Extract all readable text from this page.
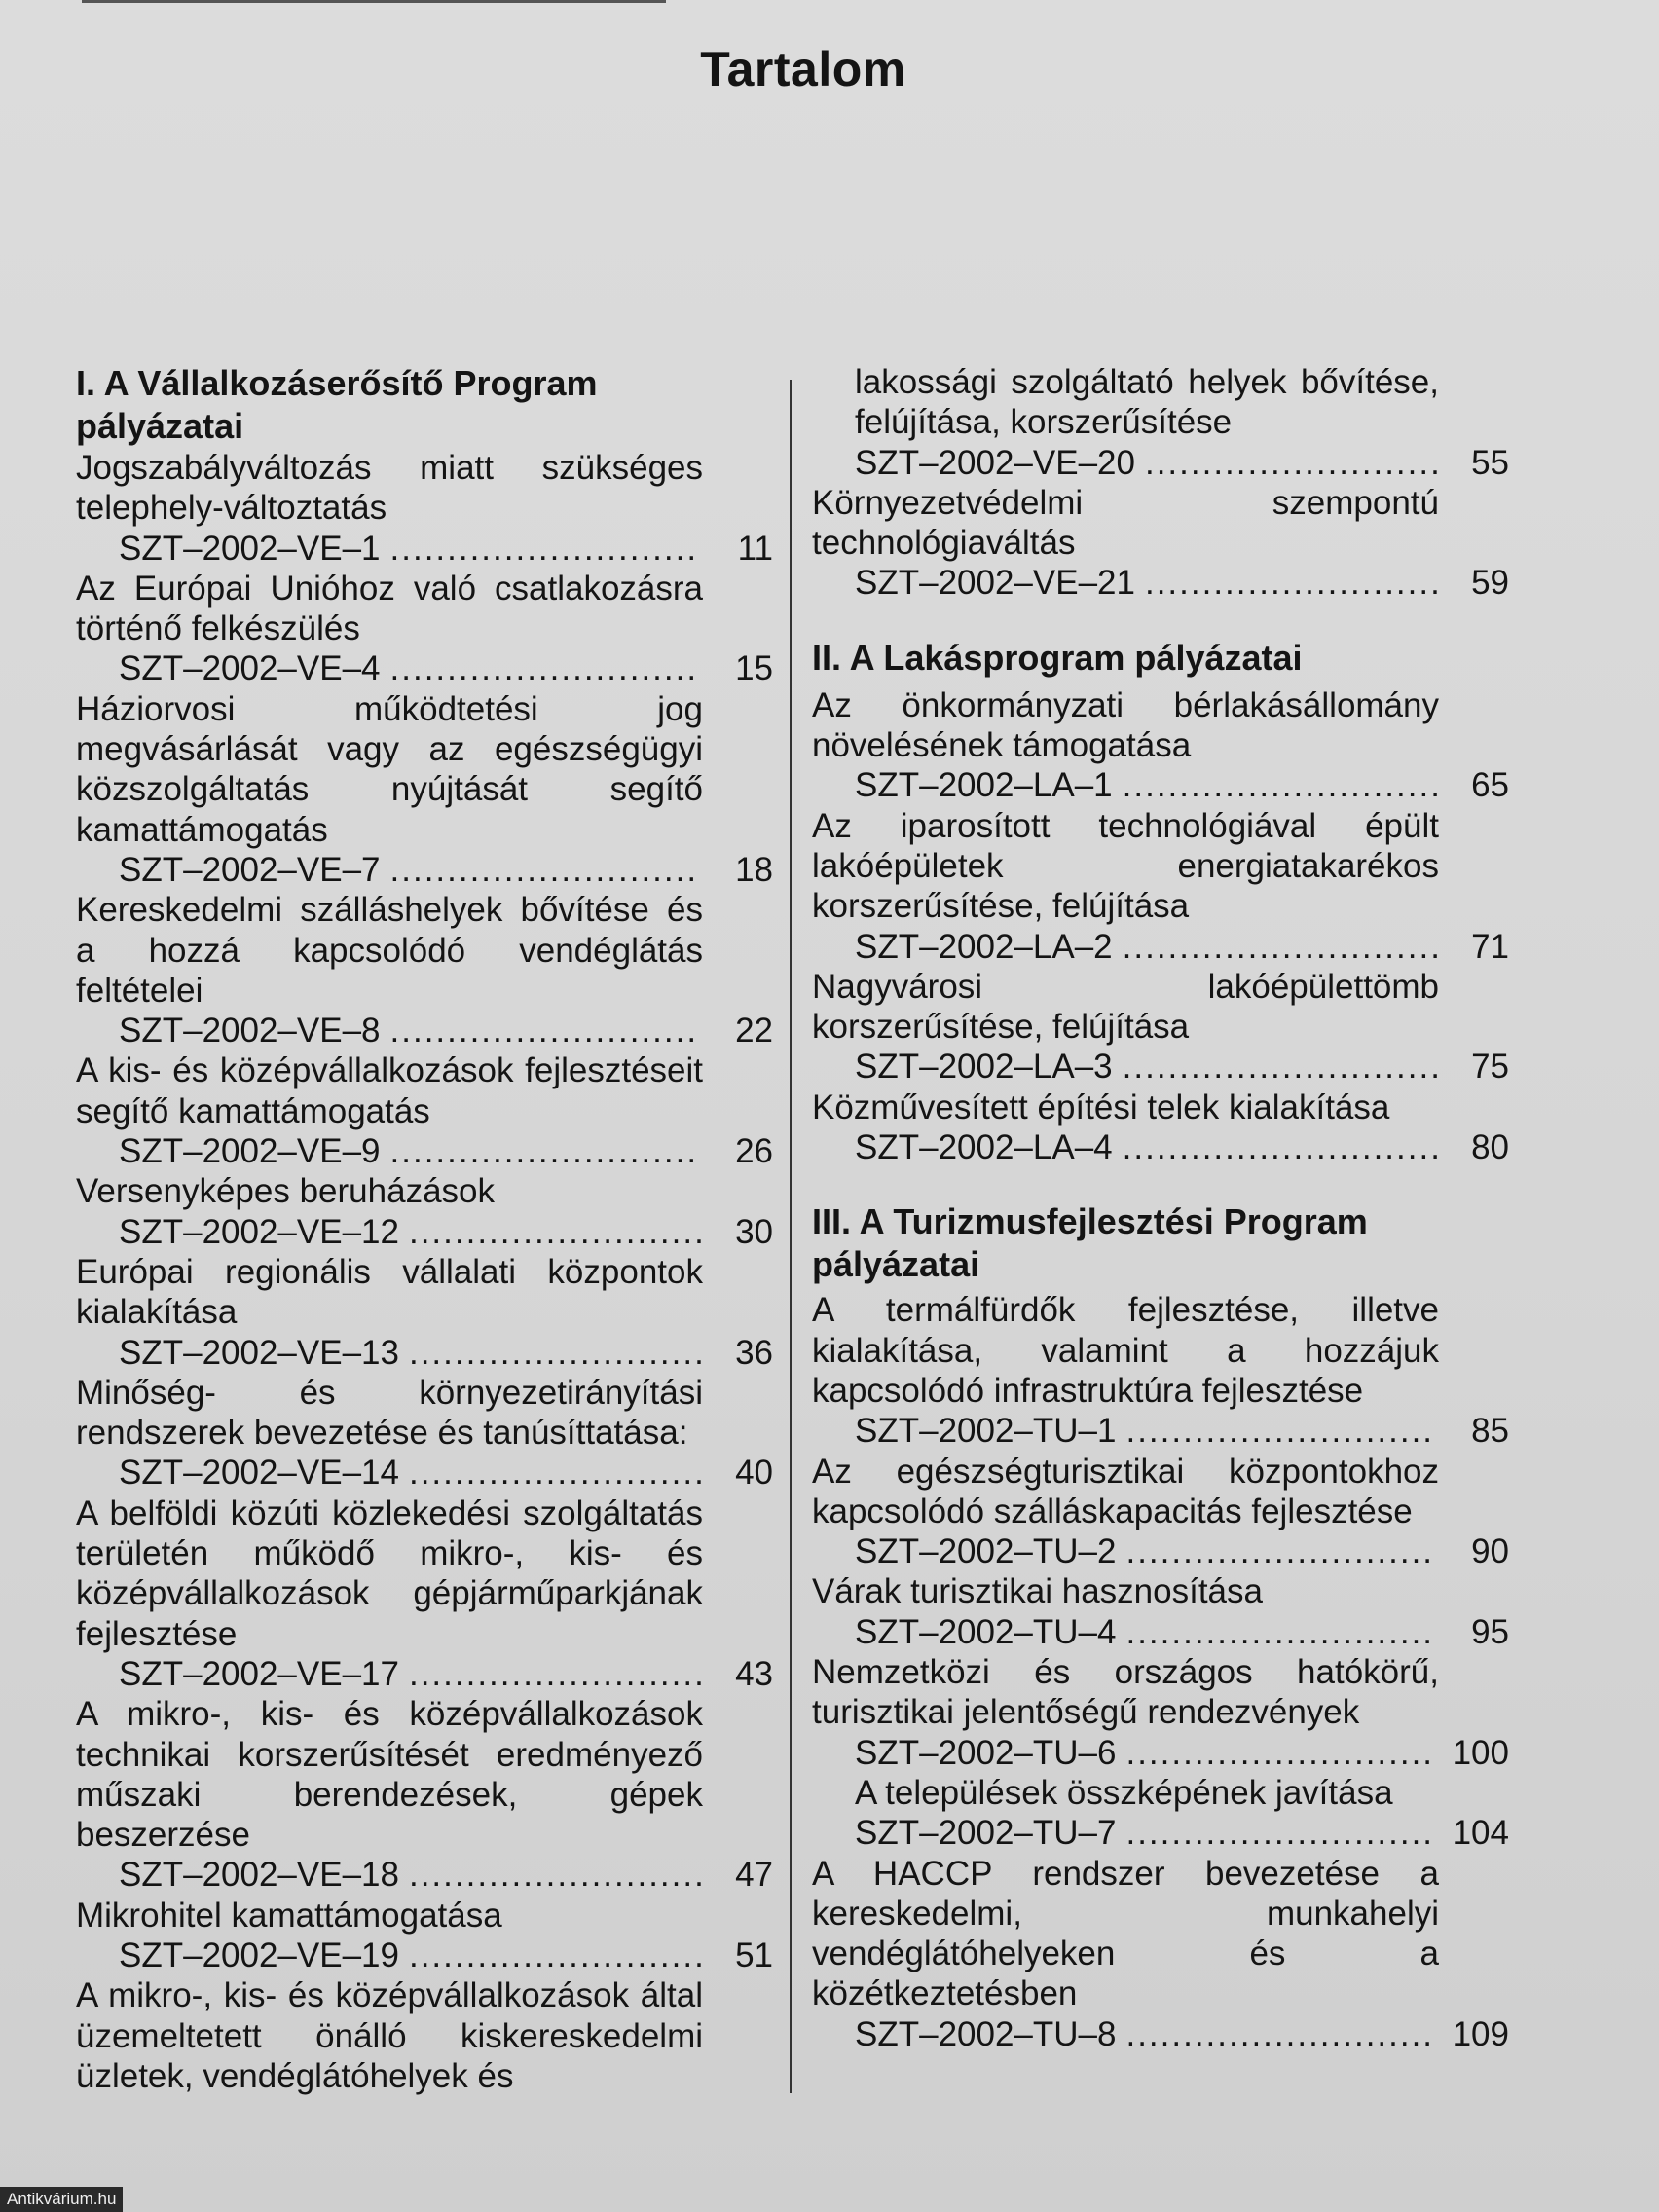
Tartalom
I. A Vállalkozáserősítő Program pályázatai
Jogszabályváltozás miatt szükséges telephely-változtatás
SZT–2002–VE–1 .....	11
Az Európai Unióhoz való csatlakozásra történő felkészülés
SZT–2002–VE–4 .....	15
Háziorvosi működtetési jog megvásárlását vagy az egészségügyi közszolgáltatás nyújtását segítő kamattámogatás
SZT–2002–VE–7 .....	18
Kereskedelmi szálláshelyek bővítése és a hozzá kapcsolódó vendéglátás feltételei
SZT–2002–VE–8 .....	22
A kis- és középvállalkozások fejlesztéseit segítő kamattámogatás
SZT–2002–VE–9 .....	26
Versenyképes beruházások
SZT–2002–VE–12 .....	30
Európai regionális vállalati központok kialakítása
SZT–2002–VE–13 .....	36
Minőség- és környezetirányítási rendszerek bevezetése és tanúsíttatása:
SZT–2002–VE–14 .....	40
A belföldi közúti közlekedési szolgáltatás területén működő mikro-, kis- és középvállalkozások gépjárműparkjának fejlesztése
SZT–2002–VE–17 .....	43
A mikro-, kis- és középvállalkozások technikai korszerűsítését eredményező műszaki berendezések, gépek beszerzése
SZT–2002–VE–18 .....	47
Mikrohitel kamattámogatása
SZT–2002–VE–19 .....	51
A mikro-, kis- és középvállalkozások által üzemeltetett önálló kiskereskedelmi üzletek, vendéglátóhelyek és
lakossági szolgáltató helyek bővítése, felújítása, korszerűsítése
SZT–2002–VE–20 .....	55
Környezetvédelmi szempontú technológiaváltás
SZT–2002–VE–21 .....	59
II. A Lakásprogram pályázatai
Az önkormányzati bérlakásállomány növelésének támogatása
SZT–2002–LA–1 .....	65
Az iparosított technológiával épült lakóépületek energiatakarékos korszerűsítése, felújítása
SZT–2002–LA–2 .....	71
Nagyvárosi lakóépülettömb korszerűsítése, felújítása
SZT–2002–LA–3 .....	75
Közművesített építési telek kialakítása
SZT–2002–LA–4 .....	80
III. A Turizmusfejlesztési Program pályázatai
A termálfürdők fejlesztése, illetve kialakítása, valamint a hozzájuk kapcsolódó infrastruktúra fejlesztése
SZT–2002–TU–1 .....	85
Az egészségturisztikai központokhoz kapcsolódó szálláskapacitás fejlesztése
SZT–2002–TU–2 .....	90
Várak turisztikai hasznosítása
SZT–2002–TU–4 .....	95
Nemzetközi és országos hatókörű, turisztikai jelentőségű rendezvények
SZT–2002–TU–6 .....	100
A települések összképének javítása
SZT–2002–TU–7 .....	104
A HACCP rendszer bevezetése a kereskedelmi, munkahelyi vendéglátóhelyeken és a közétkeztetésben
SZT–2002–TU–8 .....	109
Antikvárium.hu
